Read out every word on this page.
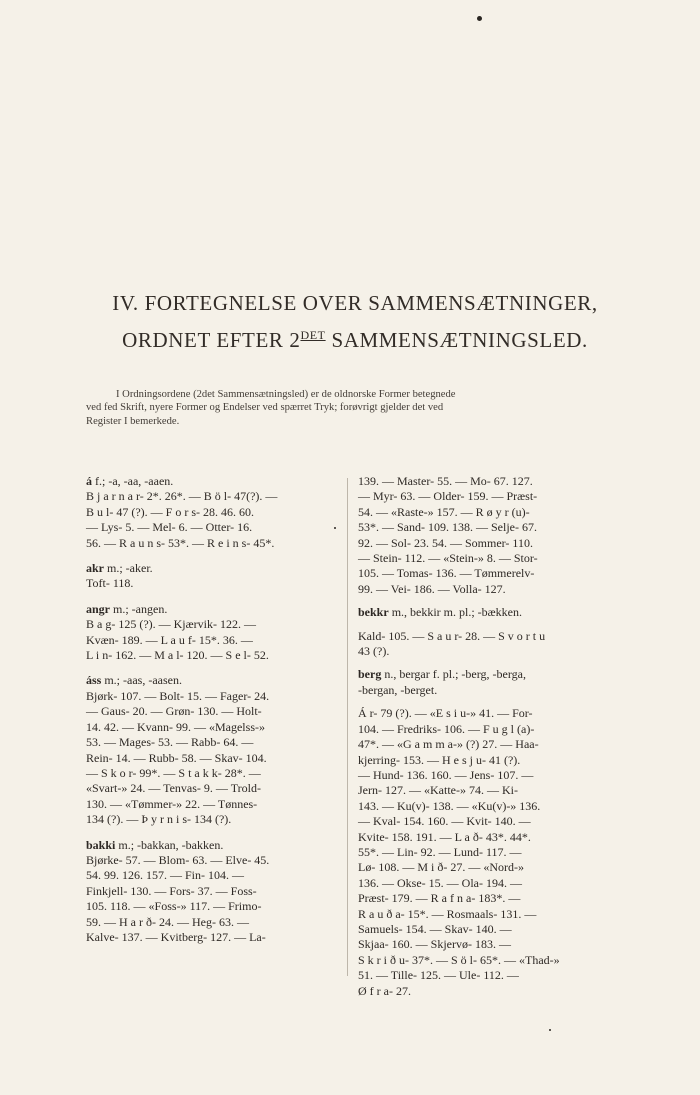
IV. FORTEGNELSE OVER SAMMENSÆTNINGER,
ORDNET EFTER $2^{DET}$ SAMMENSÆTNINGSLED.

I Ordningsordene (2det Sammensætningsled) er de oldnorske Former betegnede

ved fed Skrift, nyere Former og Endelser ved spærret Tryk; forøvrigt gjelder det ved

Register I bemerkede.

á f.; -a, -aa, -aaen.
B j a r n a r- 2*. 26*. — B ö l- 47(?). —
B u l- 47 (?). — F o r s- 28. 46. 60.
— Lys- 5. — Mel- 6. — Otter- 16.
56. — R a u n s- 53*. — R e i n s- 45*.
akr m.; -aker.
Toft- 118.
angr m.; -angen.
B a g- 125 (?). — Kjærvik- 122. —
Kvæn- 189. — L a u f- 15*. 36. —
L i n- 162. — M a l- 120. — S e l- 52.
áss m.; -aas, -aasen.
Bjørk- 107. — Bolt- 15. — Fager- 24.
— Gaus- 20. — Grøn- 130. — Holt-
14. 42. — Kvann- 99. — «Magelss-»
53. — Mages- 53. — Rabb- 64. —
Rein- 14. — Rubb- 58. — Skav- 104.
— S k o r- 99*. — S t a k k- 28*. —
«Svart-» 24. — Tenvas- 9. — Trold-
130. — «Tømmer-» 22. — Tønnes-
134 (?). — Þ y r n i s- 134 (?).
bakki m.; -bakkan, -bakken.
Bjørke- 57. — Blom- 63. — Elve- 45.
54. 99. 126. 157. — Fin- 104. —
Finkjell- 130. — Fors- 37. — Foss-
105. 118. — «Foss-» 117. — Frimo-
59. — H a r ð- 24. — Heg- 63. —
Kalve- 137. — Kvitberg- 127. — La-
139. — Master- 55. — Mo- 67. 127.
— Myr- 63. — Older- 159. — Præst-
54. — «Raste-» 157. — R ø y r (u)-
53*. — Sand- 109. 138. — Selje- 67.
92. — Sol- 23. 54. — Sommer- 110.
— Stein- 112. — «Stein-» 8. — Stor-
105. — Tomas- 136. — Tømmerelv-
99. — Vei- 186. — Volla- 127.
bekkr m., bekkir m. pl.; -bækken.
Kald- 105. — S a u r- 28. — S v o r t u
43 (?).
berg n., bergar f. pl.; -berg, -berga,
-bergan, -berget.
Á r- 79 (?). — «E s i u-» 41. — For-
104. — Fredriks- 106. — F u g l (a)-
47*. — «G a m m a-» (?) 27. — Haa-
kjerring- 153. — H e s j u- 41 (?).
— Hund- 136. 160. — Jens- 107. —
Jern- 127. — «Katte-» 74. — Ki-
143. — Ku(v)- 138. — «Ku(v)-» 136.
— Kval- 154. 160. — Kvit- 140. —
Kvite- 158. 191. — L a ð- 43*. 44*.
55*. — Lin- 92. — Lund- 117. —
Lø- 108. — M i ð- 27. — «Nord-»
136. — Okse- 15. — Ola- 194. —
Præst- 179. — R a f n a- 183*. —
R a u ð a- 15*. — Rosmaals- 131. —
Samuels- 154. — Skav- 140. —
Skjaa- 160. — Skjervø- 183. —
S k r i ð u- 37*. — S ö l- 65*. — «Thad-»
51. — Tille- 125. — Ule- 112. —
Ø f r a- 27.
